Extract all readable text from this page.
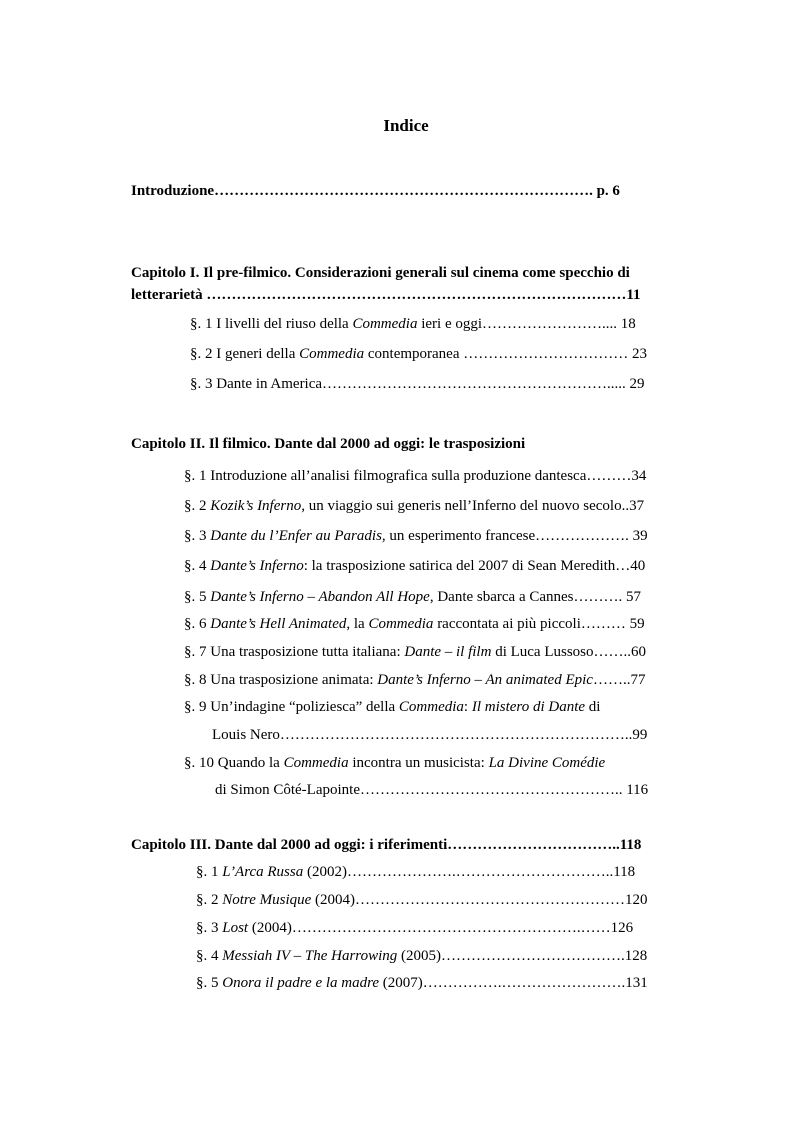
Indice
Introduzione…………………………………………………………………. p. 6
Capitolo I. Il pre-filmico. Considerazioni generali sul cinema come specchio di
letterarietà …………………………………………………………………………11
§. 1 I livelli del riuso della Commedia ieri e oggi…………………….... 18
§. 2 I generi della Commedia contemporanea …………………………… 23
§. 3 Dante in America…………………………………………………..... 29
Capitolo II. Il filmico. Dante dal 2000 ad oggi: le trasposizioni
§. 1 Introduzione all’analisi filmografica sulla produzione dantesca………34
§. 2 Kozik’s Inferno, un viaggio sui generis nell’Inferno del nuovo secolo..37
§. 3 Dante du l’Enfer au Paradis, un esperimento francese………………. 39
§. 4 Dante’s Inferno: la trasposizione satirica del 2007 di Sean Meredith…40
§. 5 Dante’s Inferno – Abandon All Hope, Dante sbarca a Cannes………. 57
§. 6 Dante’s Hell Animated, la Commedia raccontata ai più piccoli……… 59
§. 7 Una trasposizione tutta italiana: Dante – il film di Luca Lussoso……..60
§. 8 Una trasposizione animata: Dante’s Inferno – An animated Epic……..77
§. 9 Un’indagine “poliziesca” della Commedia: Il mistero di Dante di
Louis Nero……………………………………………………………..99
§. 10 Quando la Commedia incontra un musicista: La Divine Comédie
di Simon Côté-Lapointe…………………………………………….. 116
Capitolo III. Dante dal 2000 ad oggi: i riferimenti……………………………..118
§. 1 L’Arca Russa (2002)………………….…………………………..118
§. 2 Notre Musique (2004)………………………………………………120
§. 3 Lost (2004)………………………………………………….……126
§. 4 Messiah IV – The Harrowing (2005)……………………………….128
§. 5 Onora il padre e la madre (2007)…………….…………………….131
